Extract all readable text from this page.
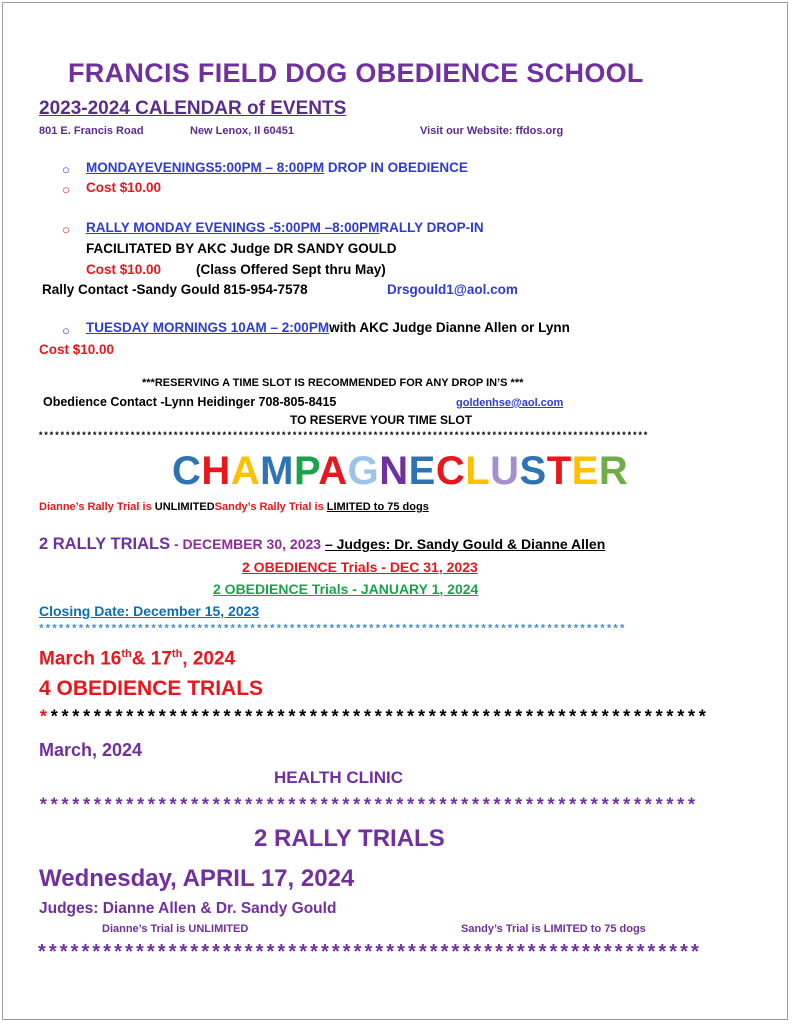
FRANCIS FIELD DOG OBEDIENCE SCHOOL
2023-2024 CALENDAR of EVENTS
801 E. Francis Road	New Lenox, Il 60451	Visit our Website: ffdos.org
○ MONDAYEVENINGS5:00PM – 8:00PM DROP IN OBEDIENCE
○ Cost $10.00
○ RALLY MONDAY EVENINGS -5:00PM –8:00PMRALLY DROP-IN
FACILITATED BY AKC Judge DR SANDY GOULD
Cost $10.00	(Class Offered Sept thru May)
Rally Contact -Sandy Gould 815-954-7578	Drsgould1@aol.com
○ TUESDAY MORNINGS 10AM – 2:00PMwith AKC Judge Dianne Allen or Lynn
Cost $10.00
***RESERVING A TIME SLOT IS RECOMMENDED FOR ANY DROP IN’S ***
Obedience Contact -Lynn Heidinger 708-805-8415	goldenhse@aol.com
TO RESERVE YOUR TIME SLOT
*****************************************************************************************************************
CHAMPAGNECLUSTER
Dianne’s Rally Trial is UNLIMITEDSandy’s Rally Trial is LIMITED to 75 dogs
2 RALLY TRIALS - DECEMBER 30, 2023 – Judges: Dr. Sandy Gould & Dianne Allen
2 OBEDIENCE Trials - DEC 31, 2023
2 OBEDIENCE Trials - JANUARY 1, 2024
Closing Date: December 15, 2023
*****************************************************************************************
March 16th& 17th, 2024
4 OBEDIENCE TRIALS
**************************************************************
March, 2024
HEALTH CLINIC
*************************************************************
2 RALLY TRIALS
Wednesday, APRIL 17, 2024
Judges: Dianne Allen & Dr. Sandy Gould
Dianne’s Trial is UNLIMITED	Sandy’s Trial is LIMITED to 75 dogs
*************************************************************
